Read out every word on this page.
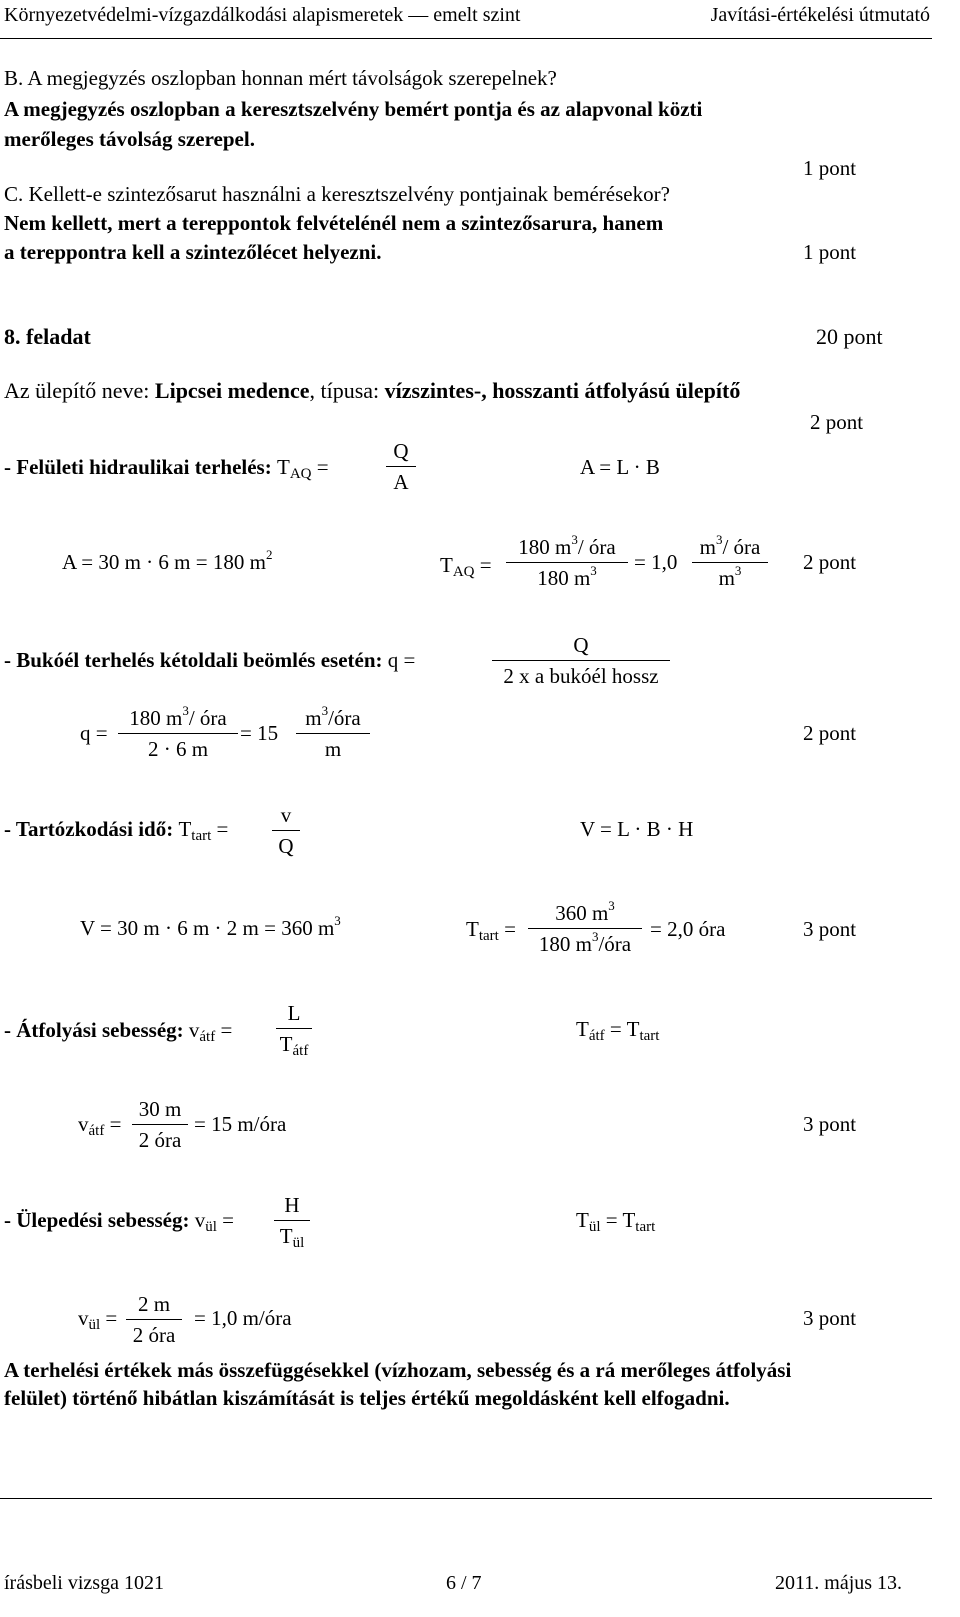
Környezetvédelmi-vízgazdálkodási alapismeretek — emelt szint	Javítási-értékelési útmutató
B. A megjegyzés oszlopban honnan mért távolságok szerepelnek?
A megjegyzés oszlopban a keresztszelvény bemért pontja és az alapvonal közti
merőleges távolság szerepel.
1 pont
C. Kellett-e szintezősarut használni a keresztszelvény pontjainak bemérésekor?
Nem kellett, mert a tereppontok felvételénél nem a szintezősarura, hanem
a tereppontra kell a szintezőlécet helyezni.	1 pont
8. feladat	20 pont
Az ülepítő neve: Lipcsei medence, típusa: vízszintes-, hosszanti átfolyású ülepítő
2 pont
- Felületi hidraulikai terhelés: $T_{AQ}$ =
Q
A
A = L · B
A = 30 m · 6 m = 180 $m^2$	$T_{AQ}$ =
180 $m^3/$ óra
180 $m^3$	= 1,0
$m^3/$ óra
$m^3$	2 pont
- Bukóél terhelés kétoldali beömlés esetén: q =
Q
2 x a bukóél hossz
q =
180 $m^3/$ óra
2 · 6 m
= 15
$m^3$/óra
m
2 pont
- Tartózkodási idő: $T_{tart}$ =
v
Q
V = L · B · H
V = 30 m · 6 m · 2 m = 360 $m^3$	$T_{tart}$ =
360 $m^3$
180 $m^3$/óra
= 2,0 óra	3 pont
- Átfolyási sebesség: $v_{átf}$ =
L
$T_{átf}$
$T_{átf} = T_{tart}$
$v_{átf}$ =
30 m
2 óra
= 15 m/óra	3 pont
- Ülepedési sebesség: $v_{ül}$ =
H
$T_{ül}$
$T_{ül} = T_{tart}$
$v_{ül}$ =
2 m
2 óra
= 1,0 m/óra	3 pont
A terhelési értékek más összefüggésekkel (vízhozam, sebesség és a rá merőleges átfolyási
felület) történő hibátlan kiszámítását is teljes értékű megoldásként kell elfogadni.
írásbeli vizsga 1021	6 / 7	2011. május 13.
